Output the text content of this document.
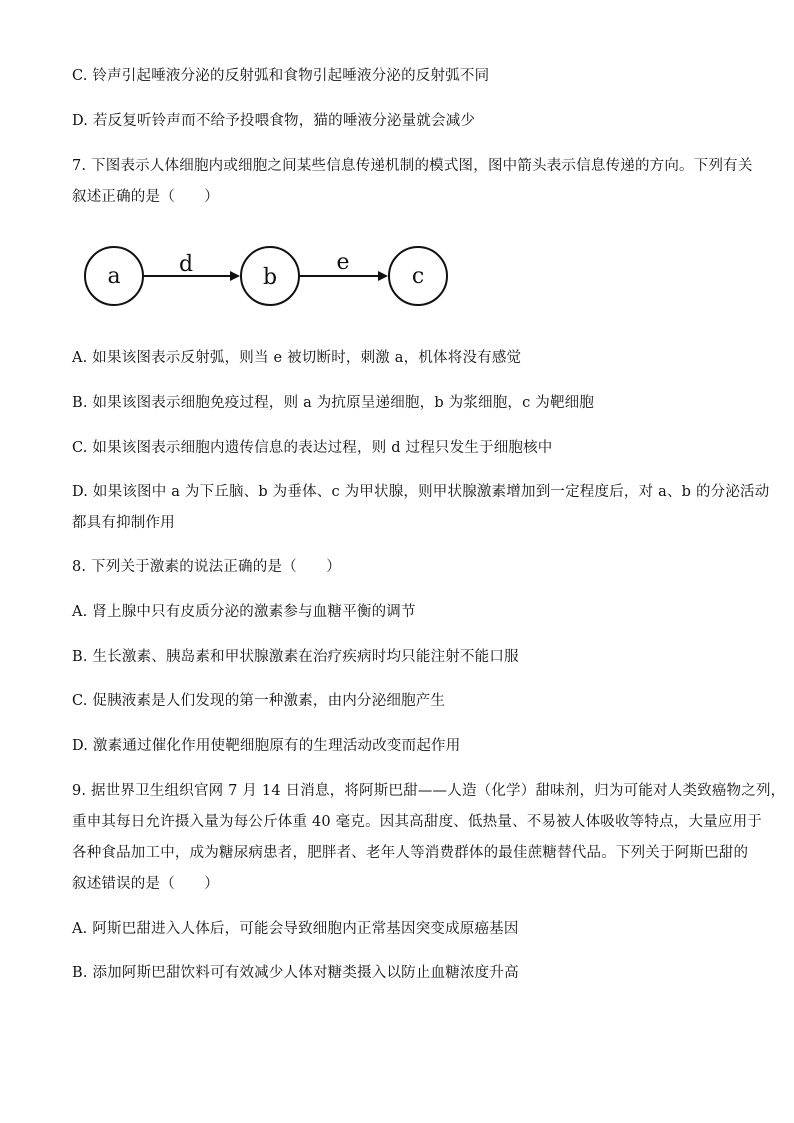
C. 铃声引起唾液分泌的反射弧和食物引起唾液分泌的反射弧不同
D. 若反复听铃声而不给予投喂食物，猫的唾液分泌量就会减少
7. 下图表示人体细胞内或细胞之间某些信息传递机制的模式图，图中箭头表示信息传递的方向。下列有关
叙述正确的是（　　）
a	d
b
e
c
A. 如果该图表示反射弧，则当 e 被切断时，刺激 a，机体将没有感觉
B. 如果该图表示细胞免疫过程，则 a 为抗原呈递细胞，b 为浆细胞，c 为靶细胞
C. 如果该图表示细胞内遗传信息的表达过程，则 d 过程只发生于细胞核中
D. 如果该图中 a 为下丘脑、b 为垂体、c 为甲状腺，则甲状腺激素增加到一定程度后，对 a、b 的分泌活动
都具有抑制作用
8. 下列关于激素的说法正确的是（　　）
A. 肾上腺中只有皮质分泌的激素参与血糖平衡的调节
B. 生长激素、胰岛素和甲状腺激素在治疗疾病时均只能注射不能口服
C. 促胰液素是人们发现的第一种激素，由内分泌细胞产生
D. 激素通过催化作用使靶细胞原有的生理活动改变而起作用
9. 据世界卫生组织官网 7 月 14 日消息，将阿斯巴甜——人造（化学）甜味剂，归为可能对人类致癌物之列，
重申其每日允许摄入量为每公斤体重 40 毫克。因其高甜度、低热量、不易被人体吸收等特点，大量应用于
各种食品加工中，成为糖尿病患者，肥胖者、老年人等消费群体的最佳蔗糖替代品。下列关于阿斯巴甜的
叙述错误的是（　　）
A. 阿斯巴甜进入人体后，可能会导致细胞内正常基因突变成原癌基因
B. 添加阿斯巴甜饮料可有效减少人体对糖类摄入以防止血糖浓度升高
